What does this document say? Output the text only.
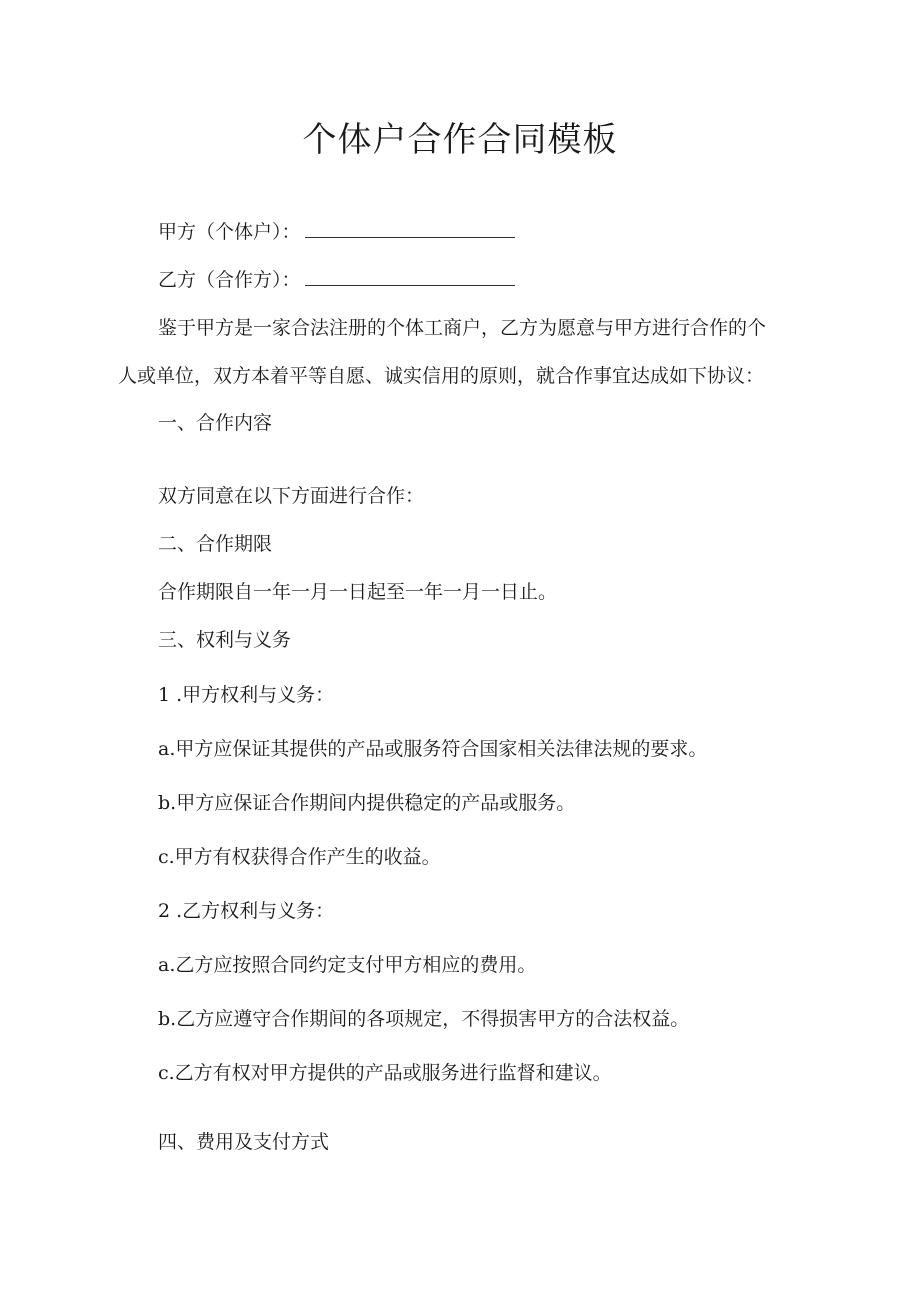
个体户合作合同模板
甲方（个体户）：
乙方（合作方）：
鉴于甲方是一家合法注册的个体工商户，乙方为愿意与甲方进行合作的个
人或单位，双方本着平等自愿、诚实信用的原则，就合作事宜达成如下协议：
一、合作内容
双方同意在以下方面进行合作：
二、合作期限
合作期限自一年一月一日起至一年一月一日止。
三、权利与义务
1 .甲方权利与义务：
a.甲方应保证其提供的产品或服务符合国家相关法律法规的要求。
b.甲方应保证合作期间内提供稳定的产品或服务。
c.甲方有权获得合作产生的收益。
2 .乙方权利与义务：
a.乙方应按照合同约定支付甲方相应的费用。
b.乙方应遵守合作期间的各项规定，不得损害甲方的合法权益。
c.乙方有权对甲方提供的产品或服务进行监督和建议。
四、费用及支付方式
